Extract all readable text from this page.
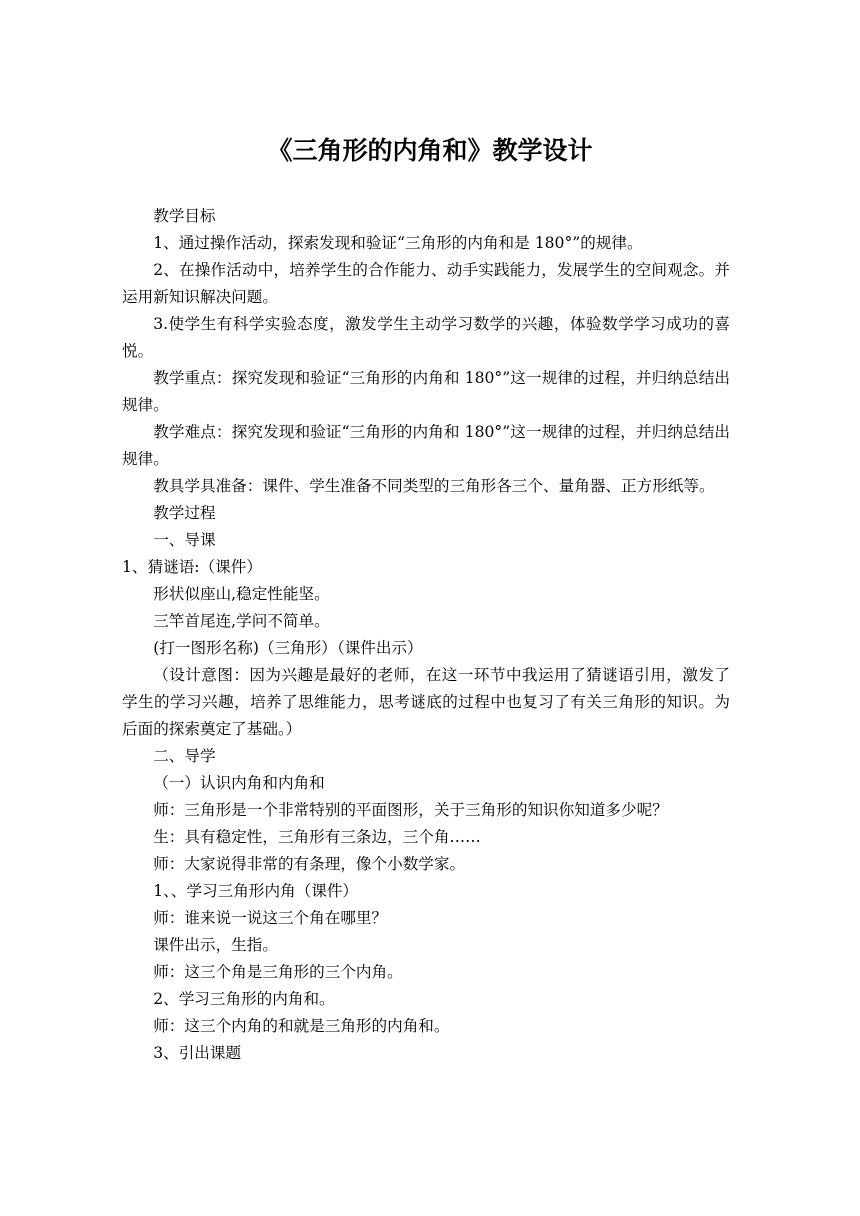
《三角形的内角和》教学设计

教学目标

1、通过操作活动，探索发现和验证“三角形的内角和是 180°”的规律。

2、在操作活动中，培养学生的合作能力、动手实践能力，发展学生的空间观念。并运用新知识解决问题。

3.使学生有科学实验态度，激发学生主动学习数学的兴趣，体验数学学习成功的喜悦。

教学重点：探究发现和验证“三角形的内角和 180°”这一规律的过程，并归纳总结出规律。

教学难点：探究发现和验证“三角形的内角和 180°”这一规律的过程，并归纳总结出规律。

教具学具准备：课件、学生准备不同类型的三角形各三个、量角器、正方形纸等。

教学过程

一、导课

1、猜谜语:（课件）

形状似座山,稳定性能坚。

三竿首尾连,学问不简单。

(打一图形名称)（三角形）（课件出示）

（设计意图：因为兴趣是最好的老师，在这一环节中我运用了猜谜语引用，激发了学生的学习兴趣，培养了思维能力，思考谜底的过程中也复习了有关三角形的知识。为后面的探索奠定了基础。）

二、导学

（一）认识内角和内角和

师：三角形是一个非常特别的平面图形，关于三角形的知识你知道多少呢？

生：具有稳定性，三角形有三条边，三个角……

师：大家说得非常的有条理，像个小数学家。

1、、学习三角形内角（课件）

师：谁来说一说这三个角在哪里？

课件出示，生指。

师：这三个角是三角形的三个内角。

2、学习三角形的内角和。

师：这三个内角的和就是三角形的内角和。

3、引出课题
